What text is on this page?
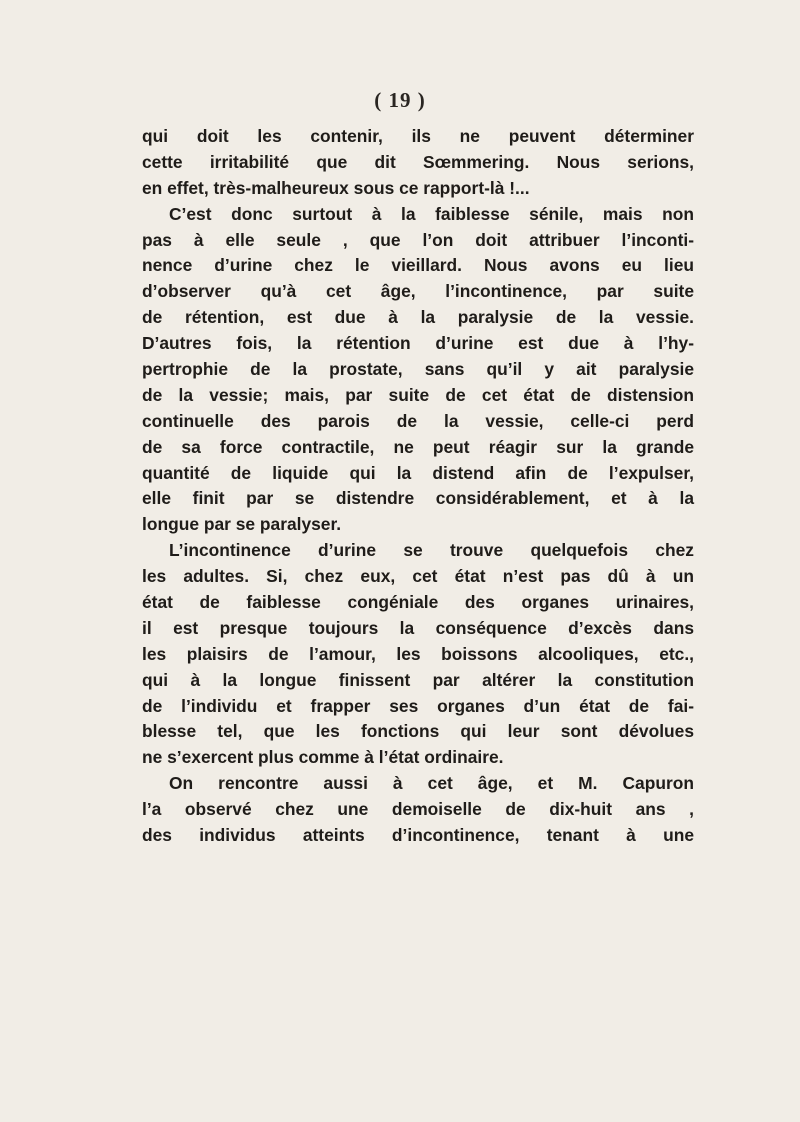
( 19 )
qui doit les contenir, ils ne peuvent déterminer
cette irritabilité que dit Sœmmering. Nous serions,
en effet, très-malheureux sous ce rapport-là !...
C’est donc surtout à la faiblesse sénile, mais non
pas à elle seule , que l’on doit attribuer l’inconti-
nence d’urine chez le vieillard. Nous avons eu lieu
d’observer qu’à cet âge, l’incontinence, par suite
de rétention, est due à la paralysie de la vessie.
D’autres fois, la rétention d’urine est due à l’hy-
pertrophie de la prostate, sans qu’il y ait paralysie
de la vessie; mais, par suite de cet état de distension
continuelle des parois de la vessie, celle-ci perd
de sa force contractile, ne peut réagir sur la grande
quantité de liquide qui la distend afin de l’expulser,
elle finit par se distendre considérablement, et à la
longue par se paralyser.
L’incontinence d’urine se trouve quelquefois chez
les adultes. Si, chez eux, cet état n’est pas dû à un
état de faiblesse congéniale des organes urinaires,
il est presque toujours la conséquence d’excès dans
les plaisirs de l’amour, les boissons alcooliques, etc.,
qui à la longue finissent par altérer la constitution
de l’individu et frapper ses organes d’un état de fai-
blesse tel, que les fonctions qui leur sont dévolues
ne s’exercent plus comme à l’état ordinaire.
On rencontre aussi à cet âge, et M. Capuron
l’a observé chez une demoiselle de dix-huit ans ,
des individus atteints d’incontinence, tenant à une
